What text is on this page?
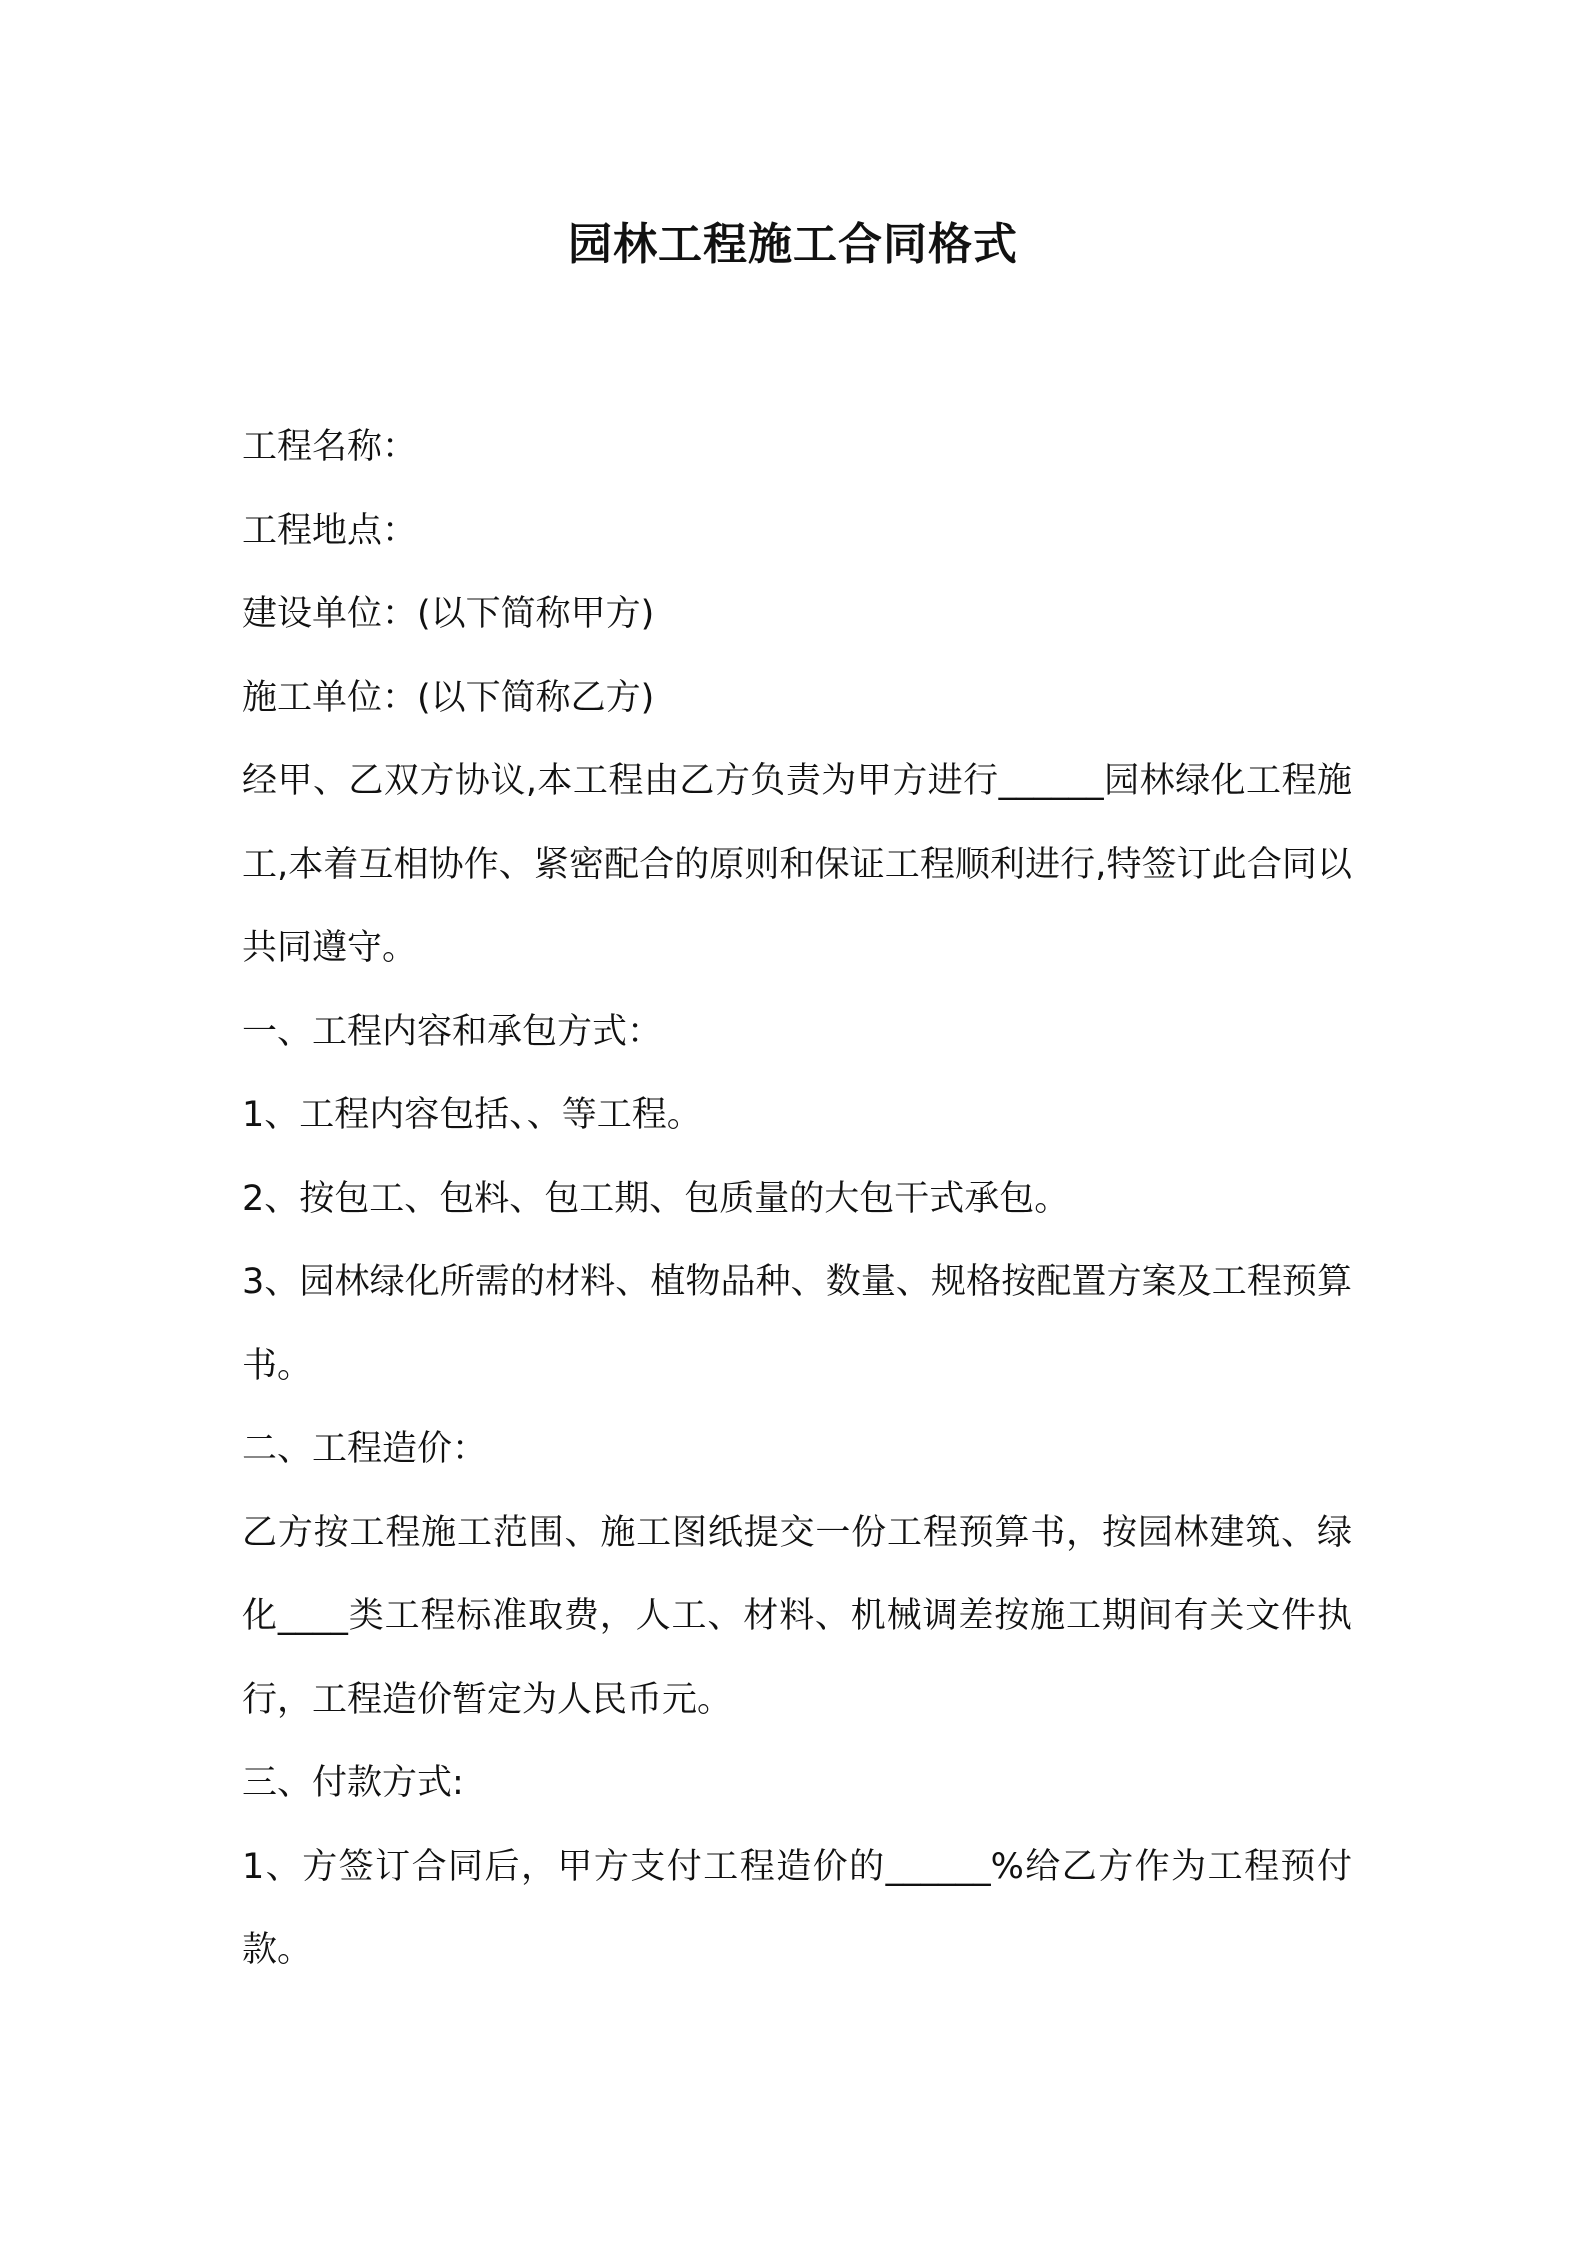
园林工程施工合同格式
工程名称：
工程地点：
建设单位：(以下简称甲方)
施工单位：(以下简称乙方)
经甲、乙双方协议,本工程由乙方负责为甲方进行______园林绿化工程施工,本着互相协作、紧密配合的原则和保证工程顺利进行,特签订此合同以共同遵守。
一、工程内容和承包方式：
1、工程内容包括、、等工程。
2、按包工、包料、包工期、包质量的大包干式承包。
3、园林绿化所需的材料、植物品种、数量、规格按配置方案及工程预算书。
二、工程造价：
乙方按工程施工范围、施工图纸提交一份工程预算书，按园林建筑、绿化____类工程标准取费，人工、材料、机械调差按施工期间有关文件执行，工程造价暂定为人民币元。
三、付款方式:
1、方签订合同后，甲方支付工程造价的______%给乙方作为工程预付款。
